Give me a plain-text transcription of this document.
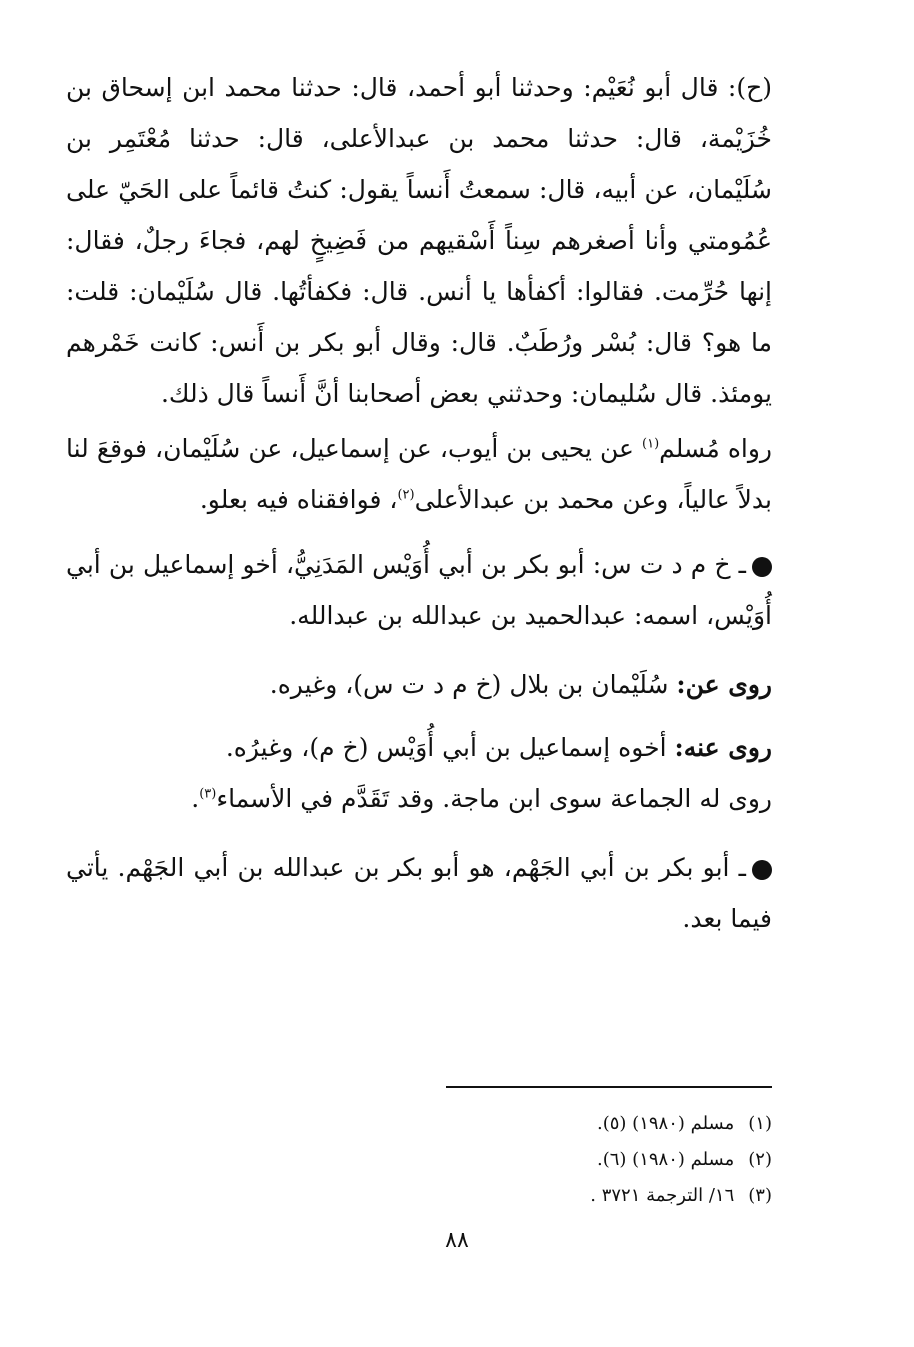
(ح): قال أبو نُعَيْم: وحدثنا أبو أحمد، قال: حدثنا محمد ابن إسحاق بن خُزَيْمة، قال: حدثنا محمد بن عبدالأعلى، قال: حدثنا مُعْتَمِر بن سُلَيْمان، عن أبيه، قال: سمعتُ أَنساً يقول: كنتُ قائماً على الحَيّ على عُمُومتي وأنا أصغرهم سِناً أَسْقيهم من فَضِيخٍ لهم، فجاءَ رجلٌ، فقال: إنها حُرِّمت. فقالوا: أكفأها يا أنس. قال: فكفأتُها. قال سُلَيْمان: قلت: ما هو؟ قال: بُسْر ورُطَبٌ. قال: وقال أبو بكر بن أَنس: كانت خَمْرهم يومئذ. قال سُليمان: وحدثني بعض أصحابنا أنَّ أَنساً قال ذلك.

رواه مُسلم$^{(١)}$ عن يحيى بن أيوب، عن إسماعيل، عن سُلَيْمان، فوقعَ لنا بدلاً عالياً، وعن محمد بن عبدالأعلى$^{(٢)}$، فوافقناه فيه بعلو.

ـ خ م د ت س: أبو بكر بن أبي أُوَيْس المَدَنِيُّ، أخو إسماعيل بن أبي أُوَيْس، اسمه: عبدالحميد بن عبدالله بن عبدالله.

روى عن: سُلَيْمان بن بلال (خ م د ت س)، وغيره.

روى عنه: أخوه إسماعيل بن أبي أُوَيْس (خ م)، وغيرُه.

روى له الجماعة سوى ابن ماجة. وقد تَقَدَّم في الأسماء$^{(٣)}$.

ـ أبو بكر بن أبي الجَهْم، هو أبو بكر بن عبدالله بن أبي الجَهْم. يأتي فيما بعد.

(١)مسلم (١٩٨٠) (٥).
(٢)مسلم (١٩٨٠) (٦).
(٣)١٦/ الترجمة ٣٧٢١ .
٨٨
